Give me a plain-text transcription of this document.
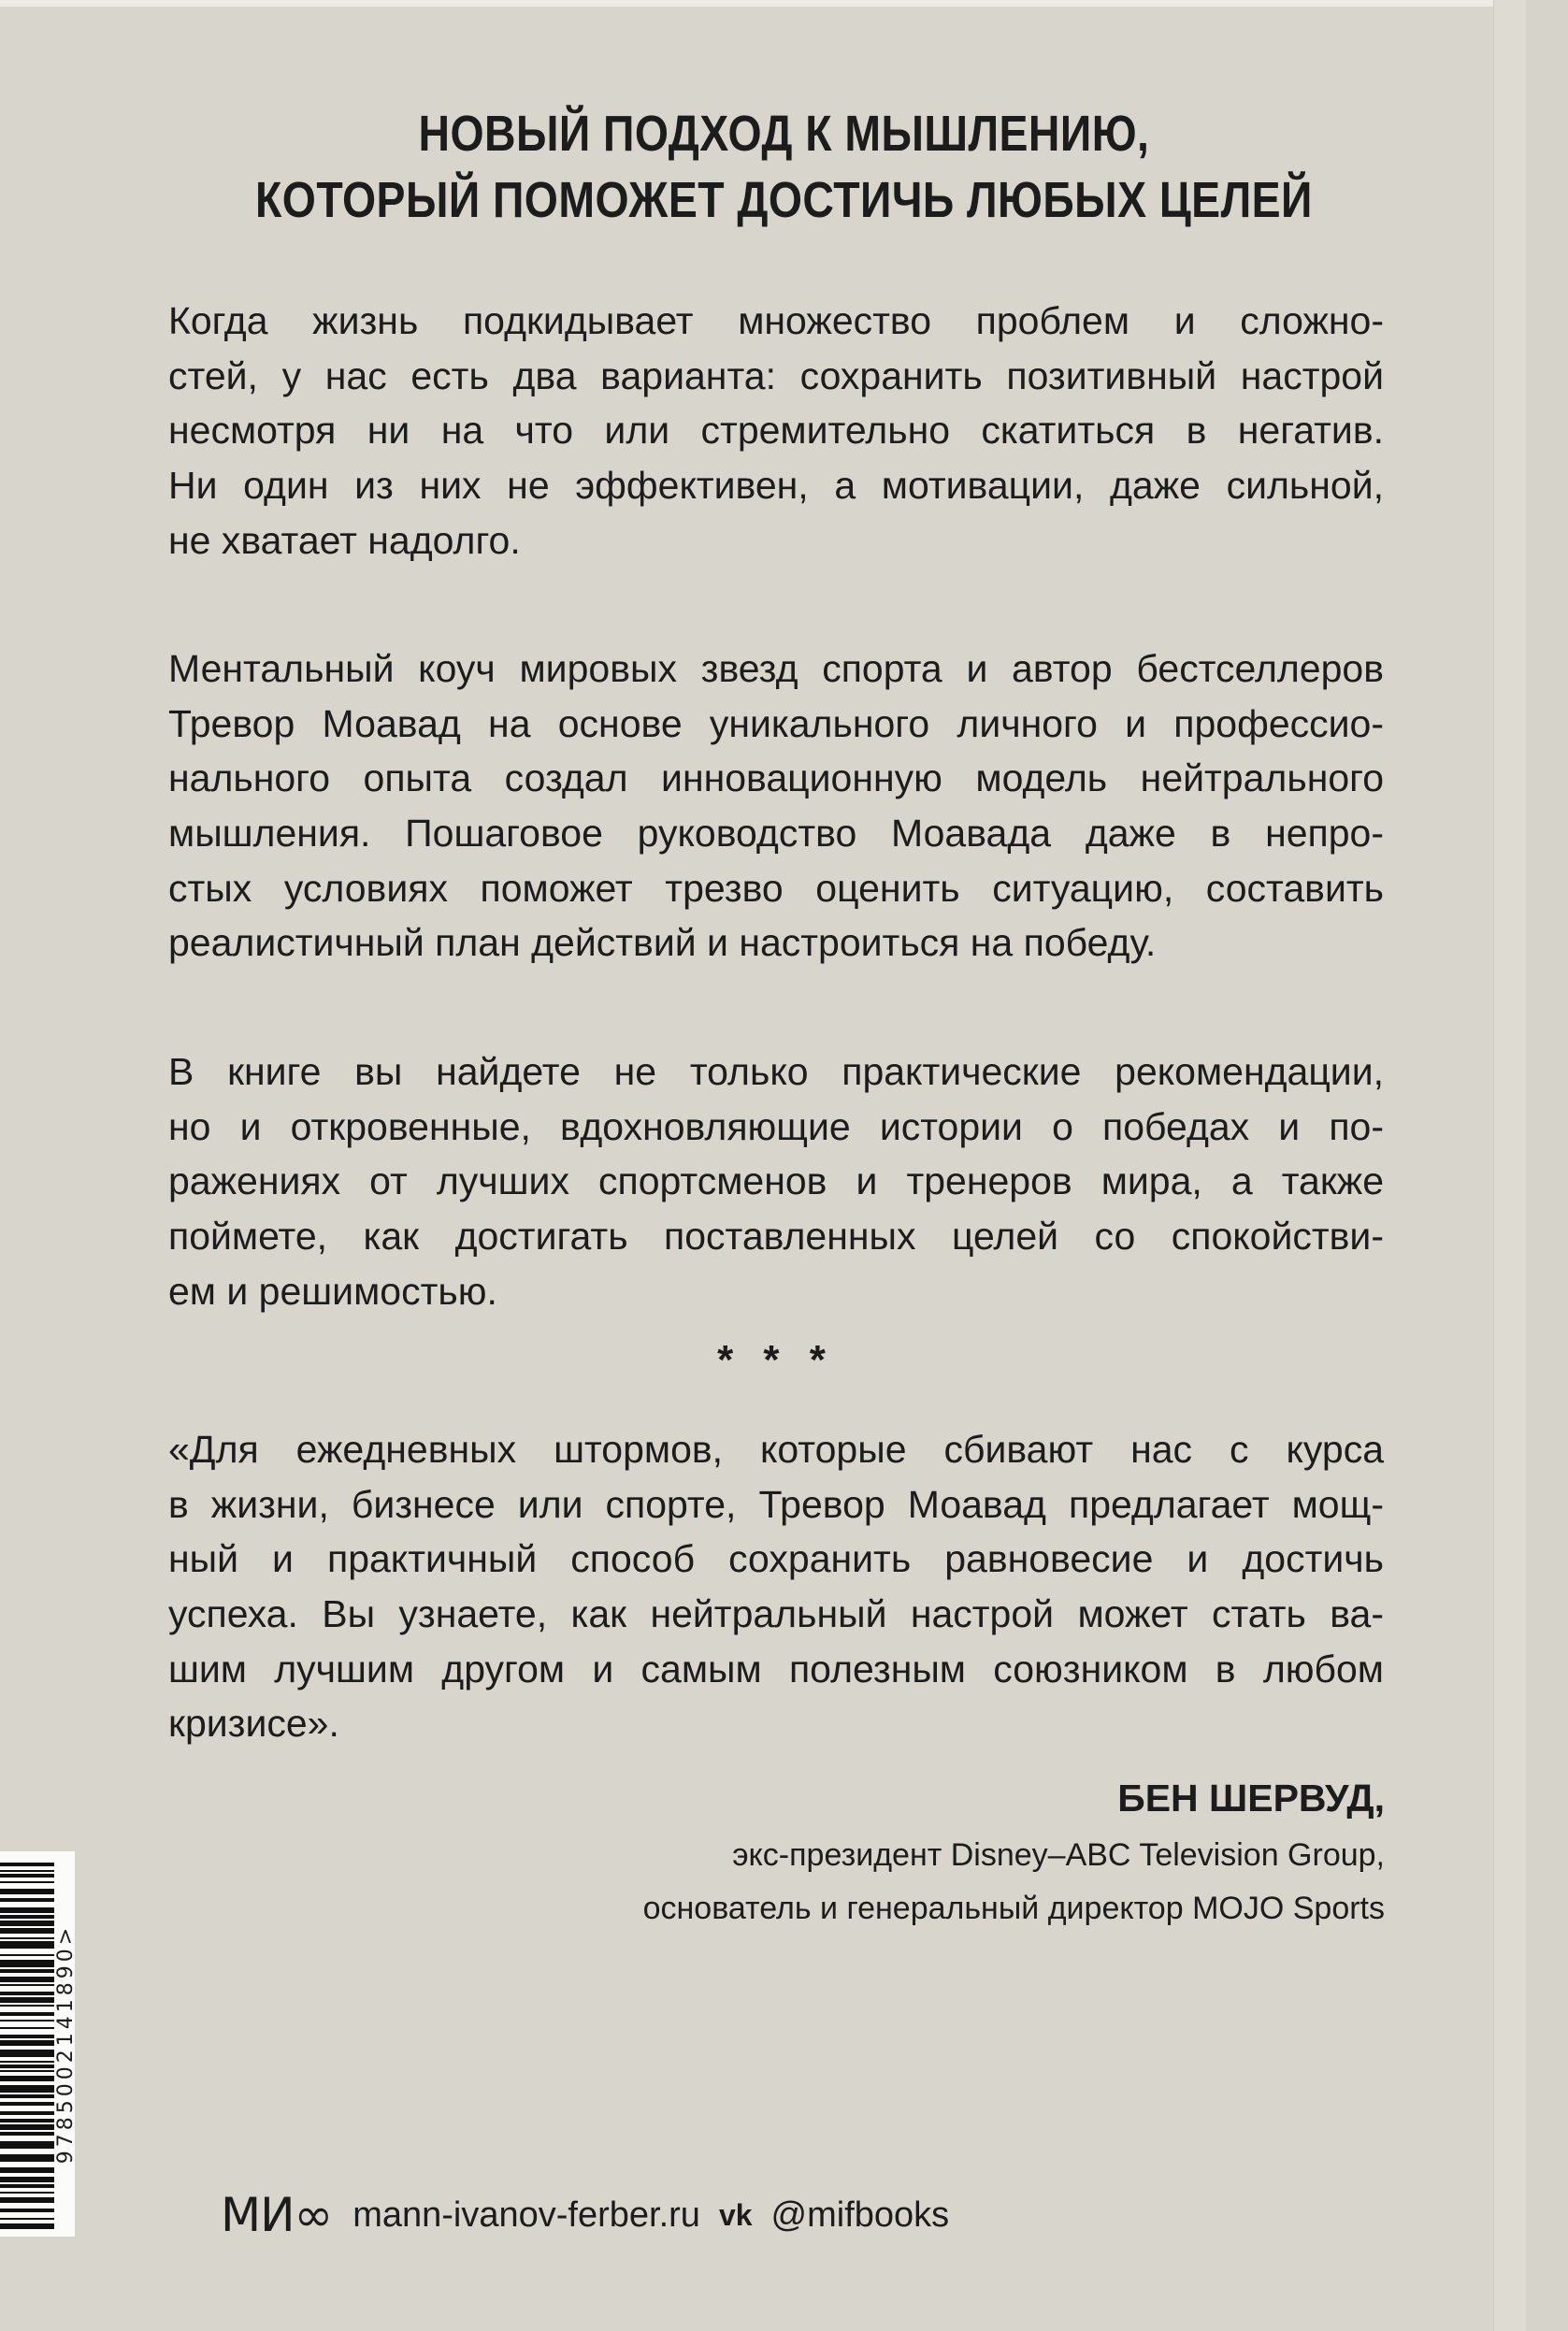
НОВЫЙ ПОДХОД К МЫШЛЕНИЮ,
КОТОРЫЙ ПОМОЖЕТ ДОСТИЧЬ ЛЮБЫХ ЦЕЛЕЙ
Когда жизнь подкидывает множество проблем и сложно-
стей, у нас есть два варианта: сохранить позитивный настрой
несмотря ни на что или стремительно скатиться в негатив.
Ни один из них не эффективен, а мотивации, даже сильной,
не хватает надолго.
Ментальный коуч мировых звезд спорта и автор бестселлеров
Тревор Моавад на основе уникального личного и профессио-
нального опыта создал инновационную модель нейтрального
мышления. Пошаговое руководство Моавада даже в непро-
стых условиях поможет трезво оценить ситуацию, составить
реалистичный план действий и настроиться на победу.
В книге вы найдете не только практические рекомендации,
но и откровенные, вдохновляющие истории о победах и по-
ражениях от лучших спортсменов и тренеров мира, а также
поймете, как достигать поставленных целей со спокойстви-
ем и решимостью.
* * *
«Для ежедневных штормов, которые сбивают нас с курса
в жизни, бизнесе или спорте, Тревор Моавад предлагает мощ-
ный и практичный способ сохранить равновесие и достичь
успеха. Вы узнаете, как нейтральный настрой может стать ва-
шим лучшим другом и самым полезным союзником в любом
кризисе».
БЕН ШЕРВУД,
экс-президент Disney–ABC Television Group,
основатель и генеральный директор MOJO Sports
9785002141890>
МИ∞ mann-ivanov-ferber.ru vk @mifbooks
